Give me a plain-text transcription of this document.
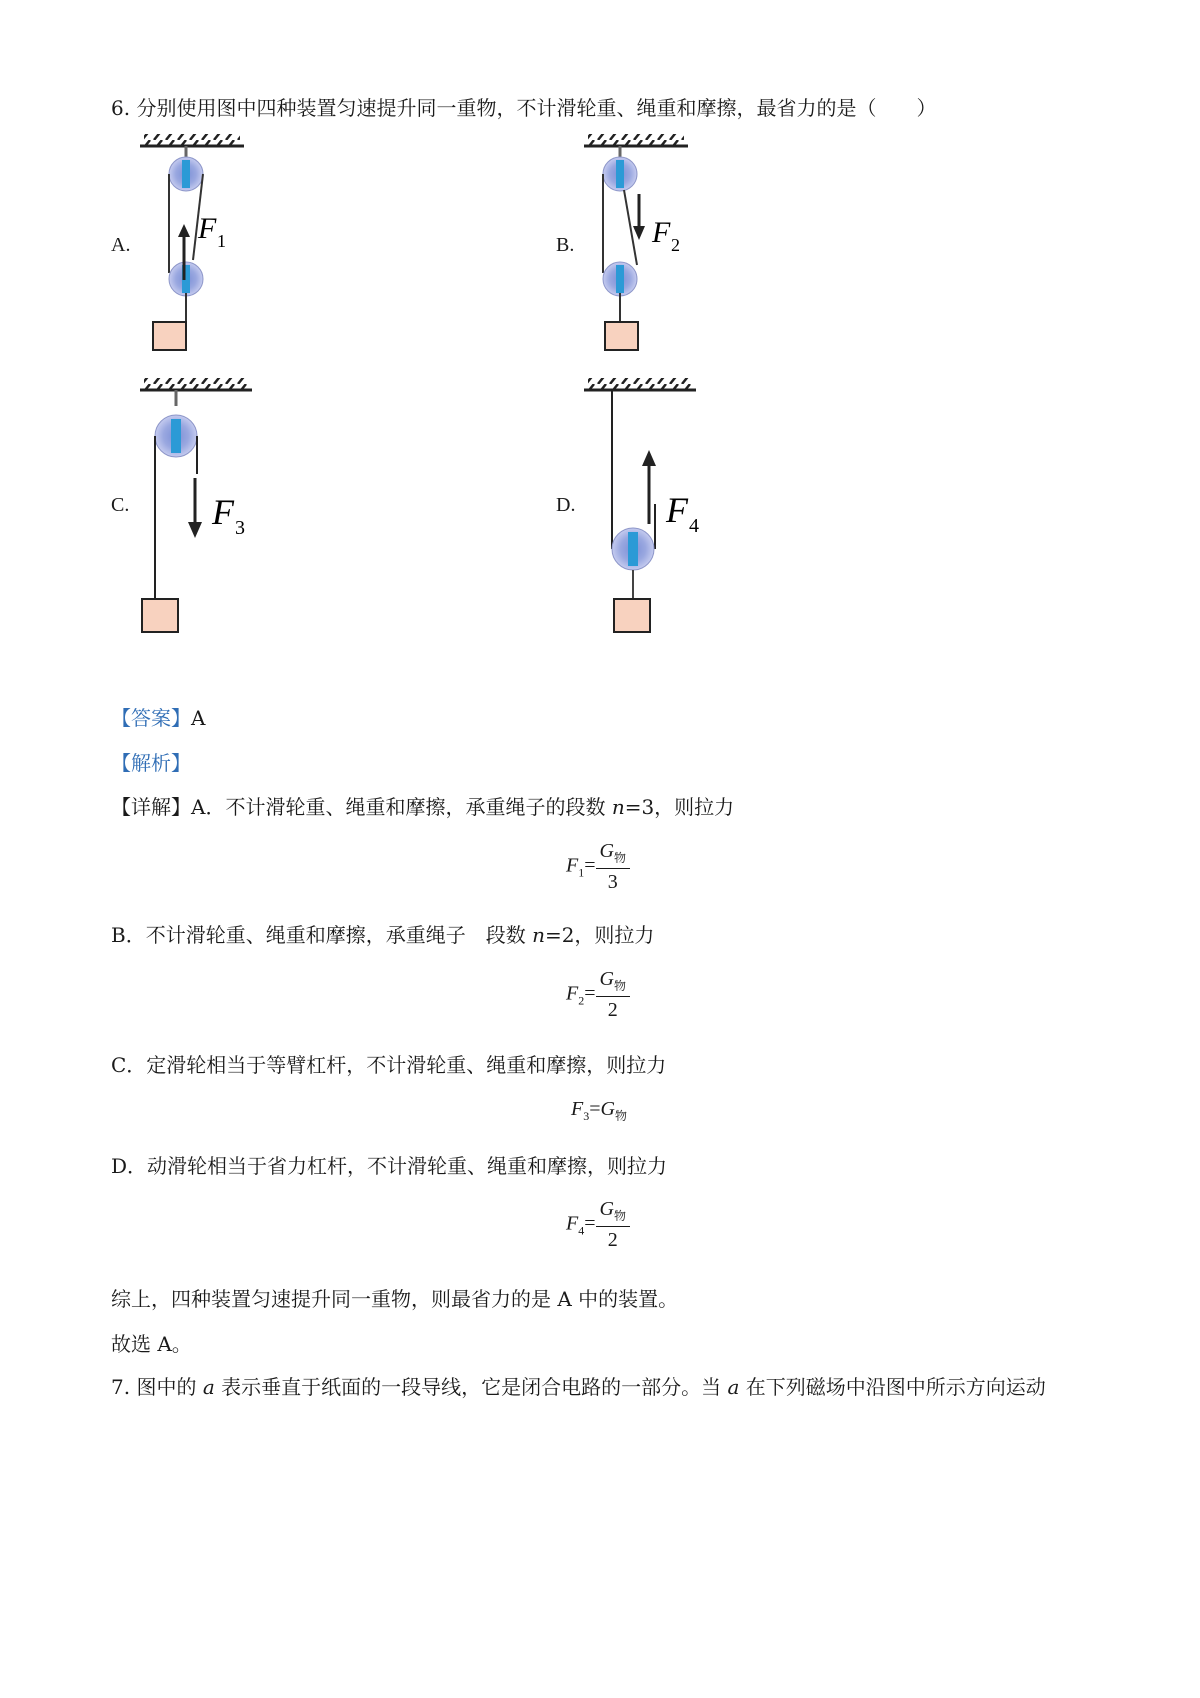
6. 分别使用图中四种装置匀速提升同一重物，不计滑轮重、绳重和摩擦，最省力的是（　　）
A. F 1	B.	F 2
C. F 3
D.	F 4
【答案】A
【解析】
【详解】A．不计滑轮重、绳重和摩擦，承重绳子的段数 n=3，则拉力
$F_1= \frac{G_物}{3}$
B．不计滑轮重、绳重和摩擦，承重绳子　段数 n=2，则拉力
$F_2= \frac{G_物}{2}$
C．定滑轮相当于等臂杠杆，不计滑轮重、绳重和摩擦，则拉力
$F_3=G_物$
D．动滑轮相当于省力杠杆，不计滑轮重、绳重和摩擦，则拉力
$F_4= \frac{G_物}{2}$
综上，四种装置匀速提升同一重物，则最省力的是 A 中的装置。
故选 A。
7. 图中的 a 表示垂直于纸面的一段导线，它是闭合电路的一部分。当 a 在下列磁场中沿图中所示方向运动
